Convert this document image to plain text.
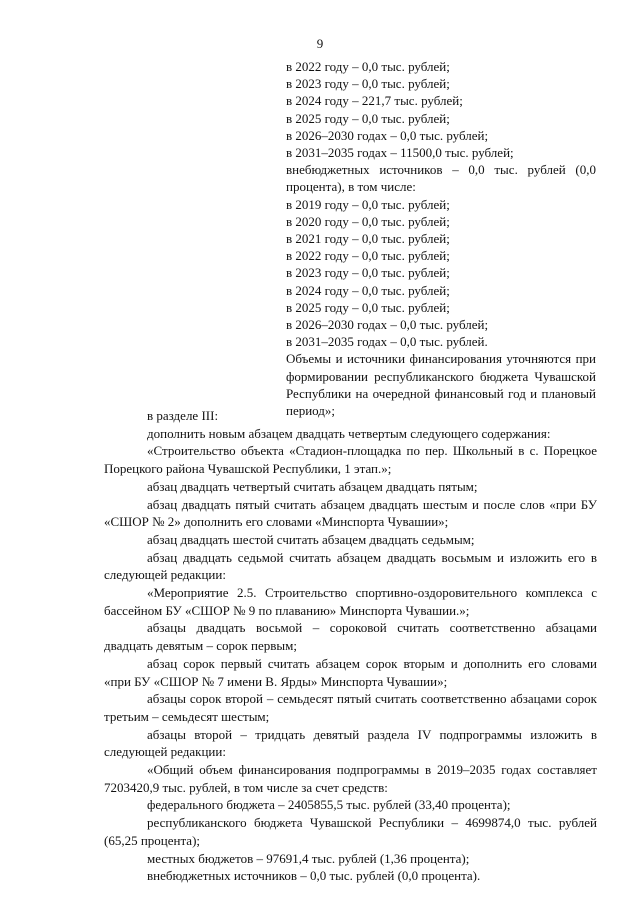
9
в 2022 году – 0,0 тыс. рублей;
в 2023 году – 0,0 тыс. рублей;
в 2024 году – 221,7 тыс. рублей;
в 2025 году – 0,0 тыс. рублей;
в 2026–2030 годах – 0,0 тыс. рублей;
в 2031–2035 годах – 11500,0 тыс. рублей;
внебюджетных источников – 0,0 тыс. рублей (0,0 процента), в том числе:
в 2019 году – 0,0 тыс. рублей;
в 2020 году – 0,0 тыс. рублей;
в 2021 году – 0,0 тыс. рублей;
в 2022 году – 0,0 тыс. рублей;
в 2023 году – 0,0 тыс. рублей;
в 2024 году – 0,0 тыс. рублей;
в 2025 году – 0,0 тыс. рублей;
в 2026–2030 годах – 0,0 тыс. рублей;
в 2031–2035 годах – 0,0 тыс. рублей.
Объемы и источники финансирования уточняются при формировании республиканского бюджета Чувашской Республики на очередной финансовый год и плановый период»;

в разделе III:

дополнить новым абзацем двадцать четвертым следующего содержания:

«Строительство объекта «Стадион-площадка по пер. Школьный в с. Порецкое Порецкого района Чувашской Республики, 1 этап.»;

абзац двадцать четвертый считать абзацем двадцать пятым;

абзац двадцать пятый считать абзацем двадцать шестым и после слов «при БУ «СШОР № 2» дополнить его словами «Минспорта Чувашии»;

абзац двадцать шестой считать абзацем двадцать седьмым;

абзац двадцать седьмой считать абзацем двадцать восьмым и изложить его в следующей редакции:

«Мероприятие 2.5. Строительство спортивно-оздоровительного комплекса с бассейном БУ «СШОР № 9 по плаванию» Минспорта Чувашии.»;

абзацы двадцать восьмой – сороковой считать соответственно абзацами двадцать девятым – сорок первым;

абзац сорок первый считать абзацем сорок вторым и дополнить его словами «при БУ «СШОР № 7 имени В. Ярды» Минспорта Чувашии»;

абзацы сорок второй – семьдесят пятый считать соответственно абзацами сорок третьим – семьдесят шестым;

абзацы второй – тридцать девятый раздела IV подпрограммы изложить в следующей редакции:

«Общий объем финансирования подпрограммы в 2019–2035 годах составляет 7203420,9 тыс. рублей, в том числе за счет средств:

федерального бюджета – 2405855,5 тыс. рублей (33,40 процента);

республиканского бюджета Чувашской Республики – 4699874,0 тыс. рублей (65,25 процента);

местных бюджетов – 97691,4 тыс. рублей (1,36 процента);

внебюджетных источников – 0,0 тыс. рублей (0,0 процента).
